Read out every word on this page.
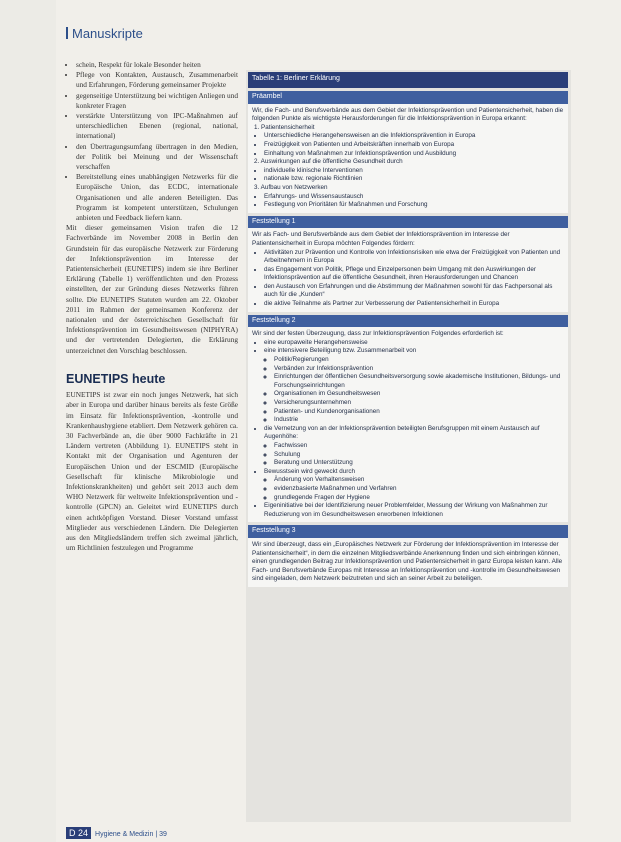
Manuskripte
• schein, Respekt für lokale Besonder heiten
• Pflege von Kontakten, Austausch, Zusammenarbeit und Erfahrungen, Förderung gemeinsamer Projekte
• gegenseitige Unterstützung bei wichtigen Anliegen und konkreter Fragen
• verstärkte Unterstützung von IPC-Maßnahmen auf unterschiedlichen Ebenen (regional, national, international)
• den Übertragungsumfang übertragen in den Medien, der Politik bei Meinung und der Wissenschaft verschaffen
• Bereitstellung eines unabhängigen Netzwerks für die Europäische Union, das ECDC, internationale Organisationen und alle anderen Beteiligten. Das Programm ist kompetent unterstützen, Schulungen anbieten und Feedback liefern kann.

Mit dieser gemeinsamen Vision trafen die 12 Fachverbände im November 2008 in Berlin den Grundstein für das europäische Netzwerk zur Förderung der Infektionsprävention im Interesse der Patientensicherheit (EUNETIPS) indem sie ihre Berliner Erklärung (Tabelle 1) veröffentlichten und den Prozess einstellten, der zur Gründung dieses Netzwerks führen sollte. Die EUNETIPS Statuten wurden am 22. Oktober 2011 im Rahmen der gemeinsamen Konferenz der nationalen und der österreichischen Gesellschaft für Infektionsprävention im Gesundheitswesen (NIPHYRA) und der vertretenden Delegierten, die Erklärung unterzeichnet den Vorschlag beschlossen.

EUNETIPS heute

EUNETIPS ist zwar ein noch junges Netzwerk, hat sich aber in Europa und darüber hinaus bereits als feste Größe im Einsatz für Infektionsprävention, -kontrolle und Krankenhaushygiene etabliert. Dem Netzwerk gehören ca. 30 Fachverbände an, die über 9000 Fachkräfte in 21 Ländern vertreten (Abbildung 1). EUNETIPS steht in Kontakt mit der Organisation und Agenturen der Europäischen Union und der ESCMID (Europäische Gesellschaft für klinische Mikrobiologie und Infektionskrankheiten) und gehört seit 2013 auch dem WHO Netzwerk für weltweite Infektionsprävention und -kontrolle (GPCN) an. Geleitet wird EUNETIPS durch einen achtköpfigen Vorstand. Dieser Vorstand umfasst Mitglieder aus verschiedenen Ländern. Die Delegierten aus den Mitgliedsländern treffen sich zweimal jährlich, um Richtlinien festzulegen und Programme

Tabelle 1: Berliner Erklärung
Präambel
Wir, die Fach- und Berufsverbände aus dem Gebiet der Infektionsprävention und Patientensicherheit, haben die folgenden Punkte als wichtigste Herausforderungen für die Infektionsprävention in Europa erkannt:
1. Patientensicherheit
• Unterschiedliche Herangehensweisen an die Infektionsprävention in Europa
• Freizügigkeit von Patienten und Arbeitskräften innerhalb von Europa
• Einhaltung von Maßnahmen zur Infektionsprävention und Ausbildung
2. Auswirkungen auf die öffentliche Gesundheit durch
• individuelle klinische Interventionen
• nationale bzw. regionale Richtlinien
3. Aufbau von Netzwerken
• Erfahrungs- und Wissensaustausch
• Festlegung von Prioritäten für Maßnahmen und Forschung
Feststellung 1
Wir als Fach- und Berufsverbände aus dem Gebiet der Infektionsprävention im Interesse der Patientensicherheit in Europa möchten Folgendes fördern:
• Aktivitäten zur Prävention und Kontrolle von Infektionsrisiken wie etwa der Freizügigkeit von Patienten und Arbeitnehmern in Europa
• das Engagement von Politik, Pflege und Einzelpersonen beim Umgang mit den Auswirkungen der Infektionsprävention auf die öffentliche Gesundheit, ihren Herausforderungen und Chancen
• den Austausch von Erfahrungen und die Abstimmung der Maßnahmen sowohl für das Fachpersonal als auch für die „Kunden“
• die aktive Teilnahme als Partner zur Verbesserung der Patientensicherheit in Europa
Feststellung 2
Wir sind der festen Überzeugung, dass zur Infektionsprävention Folgendes erforderlich ist:
• eine europaweite Herangehensweise
• eine intensivere Beteiligung bzw. Zusammenarbeit von
◦ Politik/Regierungen
◦ Verbänden zur Infektionsprävention
◦ Einrichtungen der öffentlichen Gesundheitsversorgung sowie akademische Institutionen, Bildungs- und Forschungseinrichtungen
◦ Organisationen im Gesundheitswesen
◦ Versicherungsunternehmen
◦ Patienten- und Kundenorganisationen
◦ Industrie
• die Vernetzung von an der Infektionsprävention beteiligten Berufsgruppen mit einem Austausch auf Augenhöhe:
◦ Fachwissen
◦ Schulung
◦ Beratung und Unterstützung
• Bewusstsein wird geweckt durch
◦ Änderung von Verhaltensweisen
◦ evidenzbasierte Maßnahmen und Verfahren
◦ grundlegende Fragen der Hygiene
• Eigeninitiative bei der Identifizierung neuer Problemfelder, Messung der Wirkung von Maßnahmen zur Reduzierung von im Gesundheitswesen erworbenen Infektionen
Feststellung 3
Wir sind überzeugt, dass ein „Europäisches Netzwerk zur Förderung der Infektionsprävention im Interesse der Patientensicherheit“, in dem die einzelnen Mitgliedsverbände Anerkennung finden und sich einbringen können, einen grundlegenden Beitrag zur Infektionsprävention und Patientensicherheit in ganz Europa leisten kann. Alle Fach- und Berufsverbände Europas mit Interesse an Infektionsprävention und -kontrolle im Gesundheitswesen sind eingeladen, dem Netzwerk beizutreten und sich an seiner Arbeit zu beteiligen.
D 24 Hygiene & Medizin | 39
